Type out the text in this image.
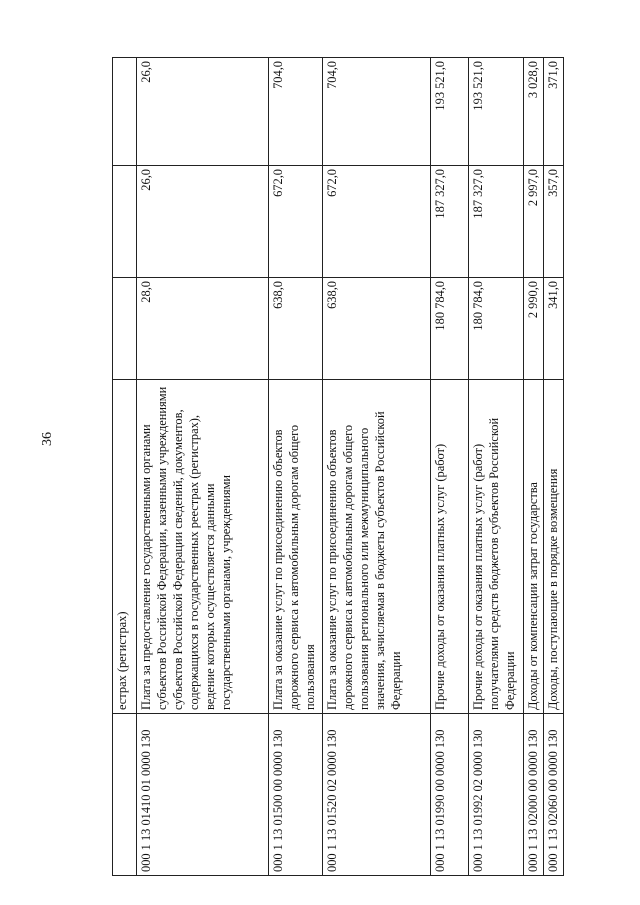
36
	естрах (регистрах)			
000 1 13 01410 01 0000 130	Плата за предоставление государственными органами субъектов Российской Федерации, казенными учреждениями субъектов Российской Федерации сведений, документов, содержащихся в государственных реестрах (регистрах), ведение которых осуществляется данными государственными органами, учреждениями	28,0	26,0	26,0
000 1 13 01500 00 0000 130	Плата за оказание услуг по присоединению объектов дорожного сервиса к автомобильным дорогам общего пользования	638,0	672,0	704,0
000 1 13 01520 02 0000 130	Плата за оказание услуг по присоединению объектов дорожного сервиса к автомобильным дорогам общего пользования регионального или межмуниципального значения, зачисляемая в бюджеты субъектов Российской Федерации	638,0	672,0	704,0
000 1 13 01990 00 0000 130	Прочие доходы от оказания платных услуг (работ)	180 784,0	187 327,0	193 521,0
000 1 13 01992 02 0000 130	Прочие доходы от оказания платных услуг (работ) получателями средств бюджетов субъектов Российской Федерации	180 784,0	187 327,0	193 521,0
000 1 13 02000 00 0000 130	Доходы от компенсации затрат государства	2 990,0	2 997,0	3 028,0
000 1 13 02060 00 0000 130	Доходы, поступающие в порядке возмещения	341,0	357,0	371,0
